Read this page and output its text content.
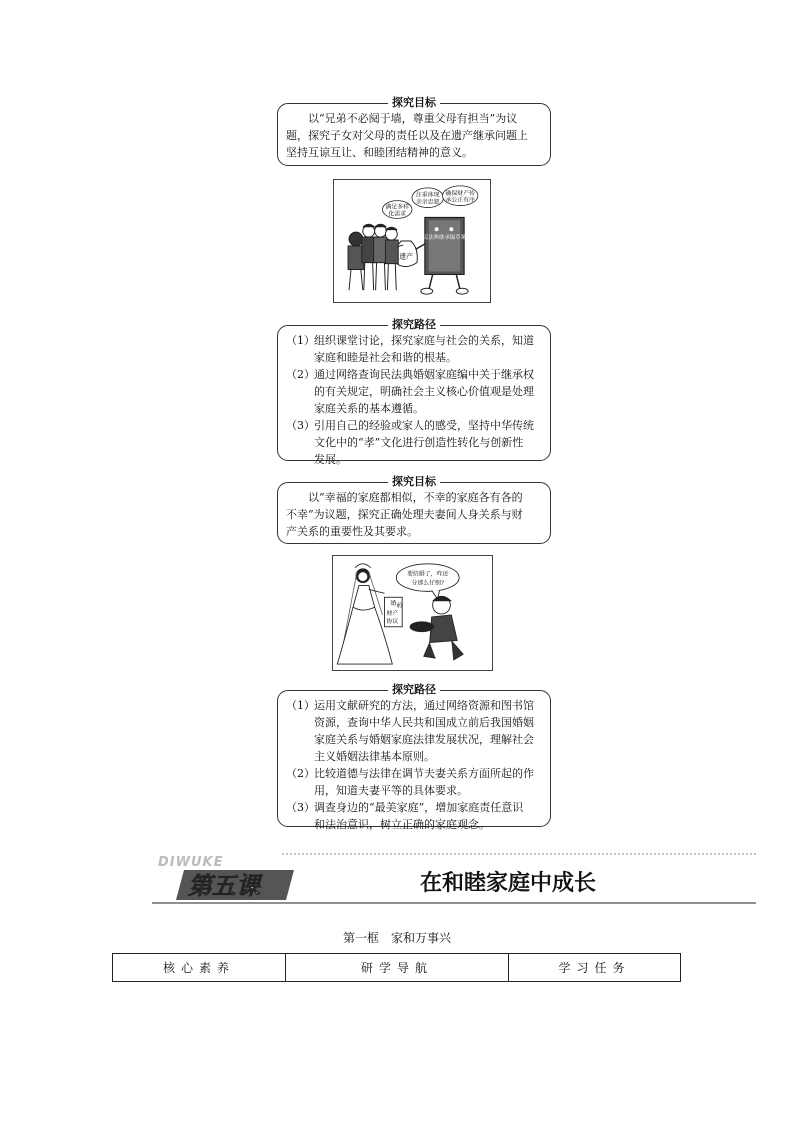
探究目标

以“兄弟不必阋于墙，尊重父母有担当”为议

题，探究子女对父母的责任以及在遗产继承问题上

坚持互谅互让、和睦团结精神的意义。

注重体现
亲亲忠恕
确保财产传
承公正有序
满足多样
化需求
民法典继承编草案
遗产
探究路径
（1） 组织课堂讨论，探究家庭与社会的关系，知道
家庭和睦是社会和谐的根基。
（2） 通过网络查询民法典婚姻家庭编中关于继承权
的有关规定，明确社会主义核心价值观是处理
家庭关系的基本遵循。
（3） 引用自己的经验或家人的感受，坚持中华传统
文化中的“孝”文化进行创造性转化与创新性
发展。
探究目标

以“幸福的家庭都相似，不幸的家庭各有各的

不幸”为议题，探究正确处理夫妻间人身关系与财

产关系的重要性及其要求。

要结婚了，咋还
分那么仔细?
婚 前
财产
协议
探究路径
（1） 运用文献研究的方法，通过网络资源和图书馆
资源，查询中华人民共和国成立前后我国婚姻
家庭关系与婚姻家庭法律发展状况，理解社会
主义婚姻法律基本原则。
（2） 比较道德与法律在调节夫妻关系方面所起的作
用，知道夫妻平等的具体要求。
（3） 调查身边的“最美家庭”，增加家庭责任意识
和法治意识，树立正确的家庭观念。
DIWUKE
第五课	在和睦家庭中成长
第一框　家和万事兴
核心素养	研学导航	学习任务
